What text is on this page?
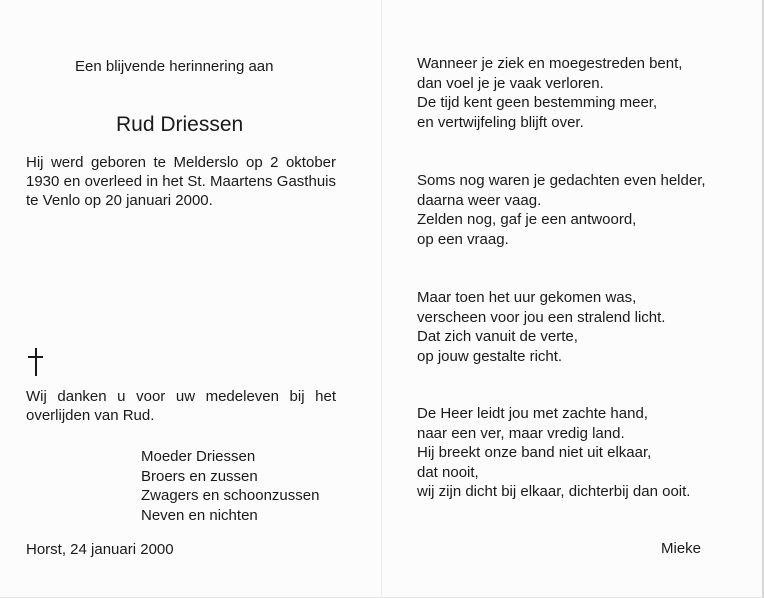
Een blijvende herinnering aan
Rud Driessen
Hij werd geboren te Melderslo op 2 oktober 1930 en overleed in het St. Maartens Gasthuis te Venlo op 20 januari 2000.
Wij danken u voor uw medeleven bij het overlijden van Rud.
Moeder Driessen
Broers en zussen
Zwagers en schoonzussen
Neven en nichten
Horst, 24 januari 2000
Wanneer je ziek en moegestreden bent,
dan voel je je vaak verloren.
De tijd kent geen bestemming meer,
en vertwijfeling blijft over.
Soms nog waren je gedachten even helder,
daarna weer vaag.
Zelden nog, gaf je een antwoord,
op een vraag.
Maar toen het uur gekomen was,
verscheen voor jou een stralend licht.
Dat zich vanuit de verte,
op jouw gestalte richt.
De Heer leidt jou met zachte hand,
naar een ver, maar vredig land.
Hij breekt onze band niet uit elkaar,
dat nooit,
wij zijn dicht bij elkaar, dichterbij dan ooit.
Mieke
